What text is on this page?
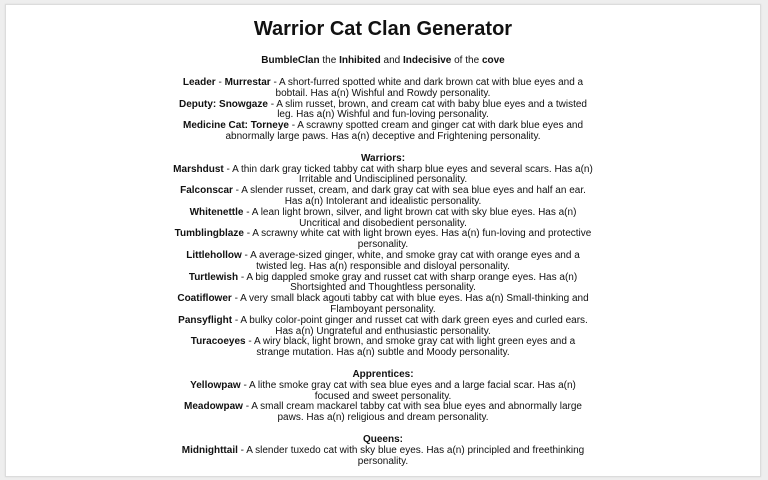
Warrior Cat Clan Generator

BumbleClan the Inhibited and Indecisive of the cove

Leader - Murrestar - A short-furred spotted white and dark brown cat with blue eyes and a bobtail. Has a(n) Wishful and Rowdy personality.

Deputy: Snowgaze - A slim russet, brown, and cream cat with baby blue eyes and a twisted leg. Has a(n) Wishful and fun-loving personality.

Medicine Cat: Torneye - A scrawny spotted cream and ginger cat with dark blue eyes and abnormally large paws. Has a(n) deceptive and Frightening personality.

Warriors:

Marshdust - A thin dark gray ticked tabby cat with sharp blue eyes and several scars. Has a(n) Irritable and Undisciplined personality.

Falconscar - A slender russet, cream, and dark gray cat with sea blue eyes and half an ear. Has a(n) Intolerant and idealistic personality.

Whitenettle - A lean light brown, silver, and light brown cat with sky blue eyes. Has a(n) Uncritical and disobedient personality.

Tumblingblaze - A scrawny white cat with light brown eyes. Has a(n) fun-loving and protective personality.

Littlehollow - A average-sized ginger, white, and smoke gray cat with orange eyes and a twisted leg. Has a(n) responsible and disloyal personality.

Turtlewish - A big dappled smoke gray and russet cat with sharp orange eyes. Has a(n) Shortsighted and Thoughtless personality.

Coatiflower - A very small black agouti tabby cat with blue eyes. Has a(n) Small-thinking and Flamboyant personality.

Pansyflight - A bulky color-point ginger and russet cat with dark green eyes and curled ears. Has a(n) Ungrateful and enthusiastic personality.

Turacoeyes - A wiry black, light brown, and smoke gray cat with light green eyes and a strange mutation. Has a(n) subtle and Moody personality.

Apprentices:

Yellowpaw - A lithe smoke gray cat with sea blue eyes and a large facial scar. Has a(n) focused and sweet personality.

Meadowpaw - A small cream mackarel tabby cat with sea blue eyes and abnormally large paws. Has a(n) religious and dream personality.

Queens:

Midnighttail - A slender tuxedo cat with sky blue eyes. Has a(n) principled and freethinking personality.
